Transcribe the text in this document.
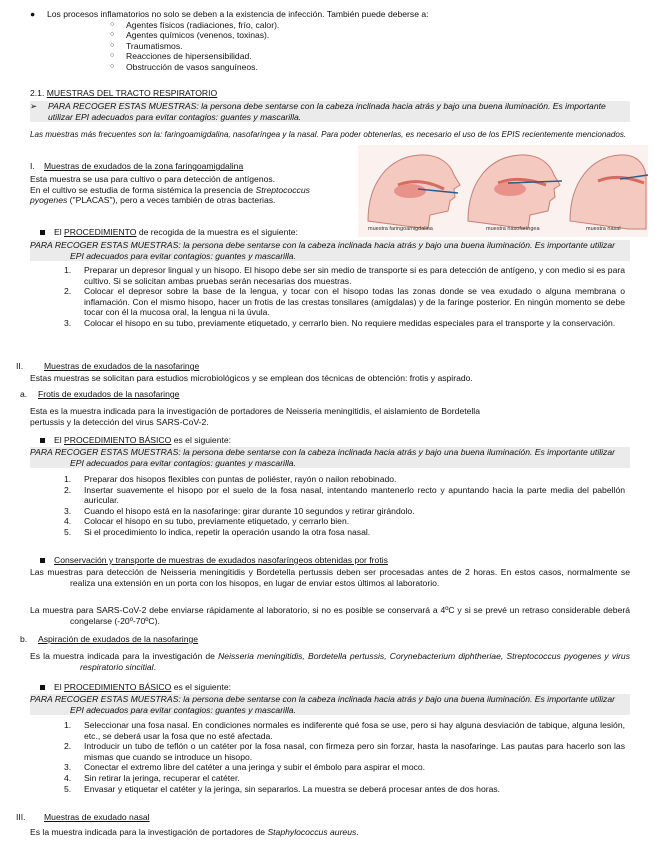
● Los procesos inflamatorios no solo se deben a la existencia de infección. También puede deberse a:

○ Agentes físicos (radiaciones, frío, calor).
○ Agentes químicos (venenos, toxinas).
○ Traumatismos.
○ Reacciones de hipersensibilidad.
○ Obstrucción de vasos sanguíneos.

2.1. MUESTRAS DEL TRACTO RESPIRATORIO

➢ PARA RECOGER ESTAS MUESTRAS: la persona debe sentarse con la cabeza inclinada hacia atrás y bajo una buena iluminación. Es importante utilizar EPI adecuados para evitar contagios: guantes y mascarilla.

Las muestras más frecuentes son la: faringoamigdalina, nasofaríngea y la nasal. Para poder obtenerlas, es necesario el uso de los EPIS recientemente mencionados.

I. Muestras de exudados de la zona faringoamigdalina

Esta muestra se usa para cultivo o para detección de antígenos.

En el cultivo se estudia de forma sistémica la presencia de Streptococcus pyogenes ("PLACAS"), pero a veces también de otras bacterias.

muestra faringoamigdalina	muestra nasofaríngea	muestra nasal

El PROCEDIMIENTO de recogida de la muestra es el siguiente:

PARA RECOGER ESTAS MUESTRAS: la persona debe sentarse con la cabeza inclinada hacia atrás y bajo una buena iluminación. Es importante utilizar EPI adecuados para evitar contagios: guantes y mascarilla.

1. Preparar un depresor lingual y un hisopo. El hisopo debe ser sin medio de transporte si es para detección de antígeno, y con medio si es para cultivo. Si se solicitan ambas pruebas serán necesarias dos muestras.
2. Colocar el depresor sobre la base de la lengua, y tocar con el hisopo todas las zonas donde se vea exudado o alguna membrana o inflamación. Con el mismo hisopo, hacer un frotis de las crestas tonsilares (amígdalas) y de la faringe posterior. En ningún momento se debe tocar con él la mucosa oral, la lengua ni la úvula.
3. Colocar el hisopo en su tubo, previamente etiquetado, y cerrarlo bien. No requiere medidas especiales para el transporte y la conservación.

II. Muestras de exudados de la nasofaringe

Estas muestras se solicitan para estudios microbiológicos y se emplean dos técnicas de obtención: frotis y aspirado.

a. Frotis de exudados de la nasofaringe

Esta es la muestra indicada para la investigación de portadores de Neisseria meningitidis, el aislamiento de Bordetella pertussis y la detección del virus SARS-CoV-2.

El PROCEDIMIENTO BÁSICO es el siguiente:

PARA RECOGER ESTAS MUESTRAS: la persona debe sentarse con la cabeza inclinada hacia atrás y bajo una buena iluminación. Es importante utilizar EPI adecuados para evitar contagios: guantes y mascarilla.

1. Preparar dos hisopos flexibles con puntas de poliéster, rayón o nailon rebobinado.
2. Insertar suavemente el hisopo por el suelo de la fosa nasal, intentando mantenerlo recto y apuntando hacia la parte media del pabellón auricular.
3. Cuando el hisopo está en la nasofaringe: girar durante 10 segundos y retirar girándolo.
4. Colocar el hisopo en su tubo, previamente etiquetado, y cerrarlo bien.
5. Si el procedimiento lo indica, repetir la operación usando la otra fosa nasal.

Conservación y transporte de muestras de exudados nasofaríngeos obtenidas por frotis

Las muestras para detección de Neisseria meningitidis y Bordetella pertussis deben ser procesadas antes de 2 horas. En estos casos, normalmente se realiza una extensión en un porta con los hisopos, en lugar de enviar estos últimos al laboratorio.

La muestra para SARS-CoV-2 debe enviarse rápidamente al laboratorio, si no es posible se conservará a 4ºC y si se prevé un retraso considerable deberá congelarse (-20º-70ºC).

b. Aspiración de exudados de la nasofaringe

Es la muestra indicada para la investigación de Neisseria meningitidis, Bordetella pertussis, Corynebacterium diphtheriae, Streptococcus pyogenes y virus respiratorio sincitial.

El PROCEDIMIENTO BÁSICO es el siguiente:

PARA RECOGER ESTAS MUESTRAS: la persona debe sentarse con la cabeza inclinada hacia atrás y bajo una buena iluminación. Es importante utilizar EPI adecuados para evitar contagios: guantes y mascarilla.

1. Seleccionar una fosa nasal. En condiciones normales es indiferente qué fosa se use, pero si hay alguna desviación de tabique, alguna lesión, etc., se deberá usar la fosa que no esté afectada.
2. Introducir un tubo de teflón o un catéter por la fosa nasal, con firmeza pero sin forzar, hasta la nasofaringe. Las pautas para hacerlo son las mismas que cuando se introduce un hisopo.
3. Conectar el extremo libre del catéter a una jeringa y subir el émbolo para aspirar el moco.
4. Sin retirar la jeringa, recuperar el catéter.
5. Envasar y etiquetar el catéter y la jeringa, sin separarlos. La muestra se deberá procesar antes de dos horas.

III. Muestras de exudado nasal

Es la muestra indicada para la investigación de portadores de Staphylococcus aureus.
